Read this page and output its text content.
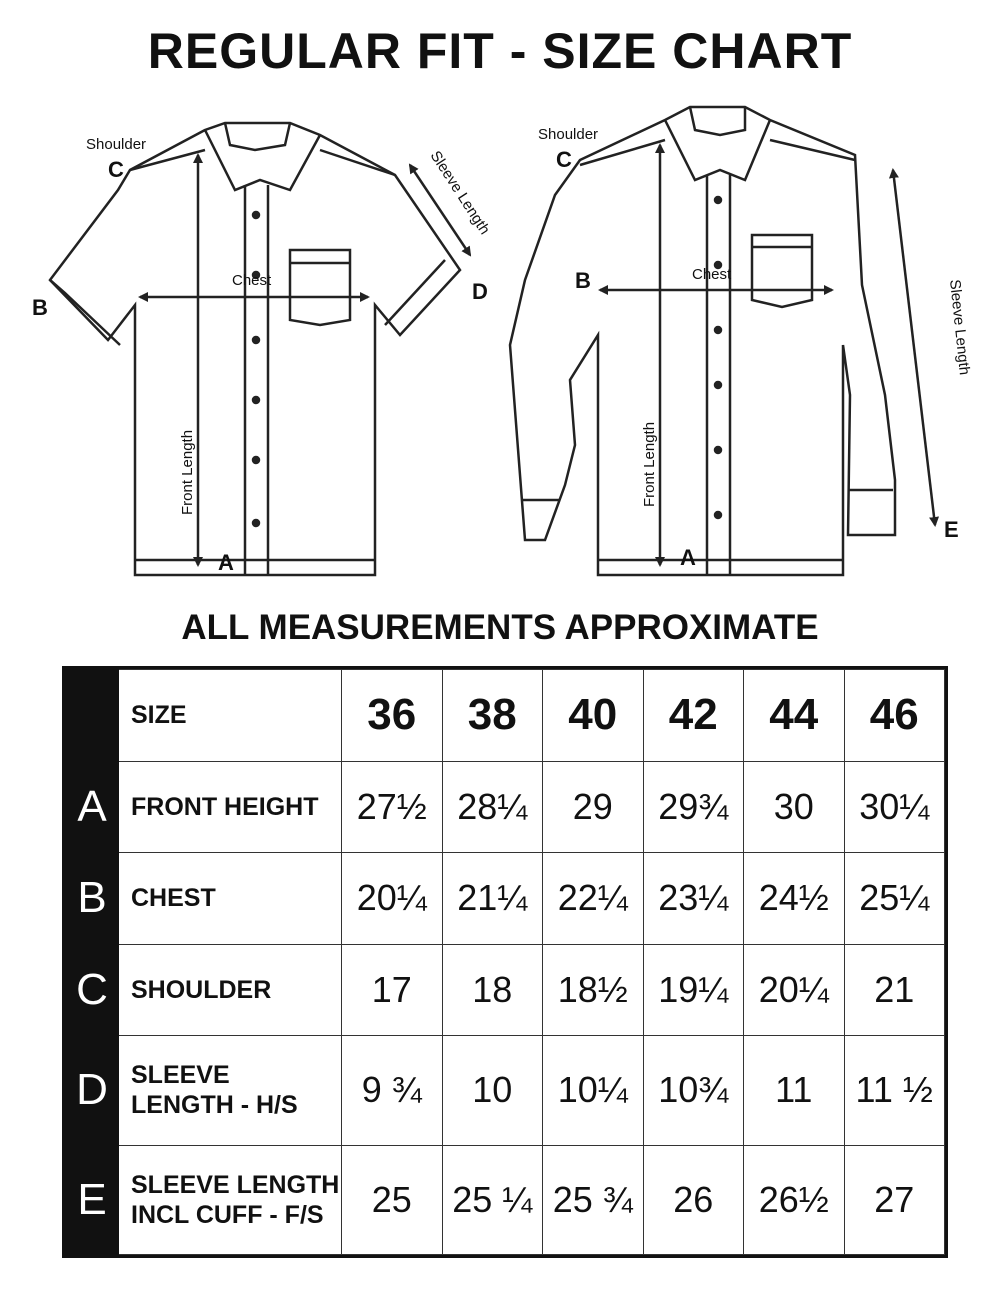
REGULAR FIT - SIZE CHART
Shoulder
C
B
Chest	D
A
Front Length
Sleeve Length
Shoulder
C
B	Chest
E
A
Front Length
Sleeve Length
ALL MEASUREMENTS APPROXIMATE
	SIZE	36	38	40	42	44	46
A	FRONT HEIGHT	27½	28¼	29	29¾	30	30¼
B	CHEST	20¼	21¼	22¼	23¼	24½	25¼
C	SHOULDER	17	18	18½	19¼	20¼	21
D	SLEEVE
LENGTH - H/S	9 ¾	10	10¼	10¾	11	11 ½
E	SLEEVE LENGTH
INCL CUFF - F/S	25	25 ¼	25 ¾	26	26½	27
